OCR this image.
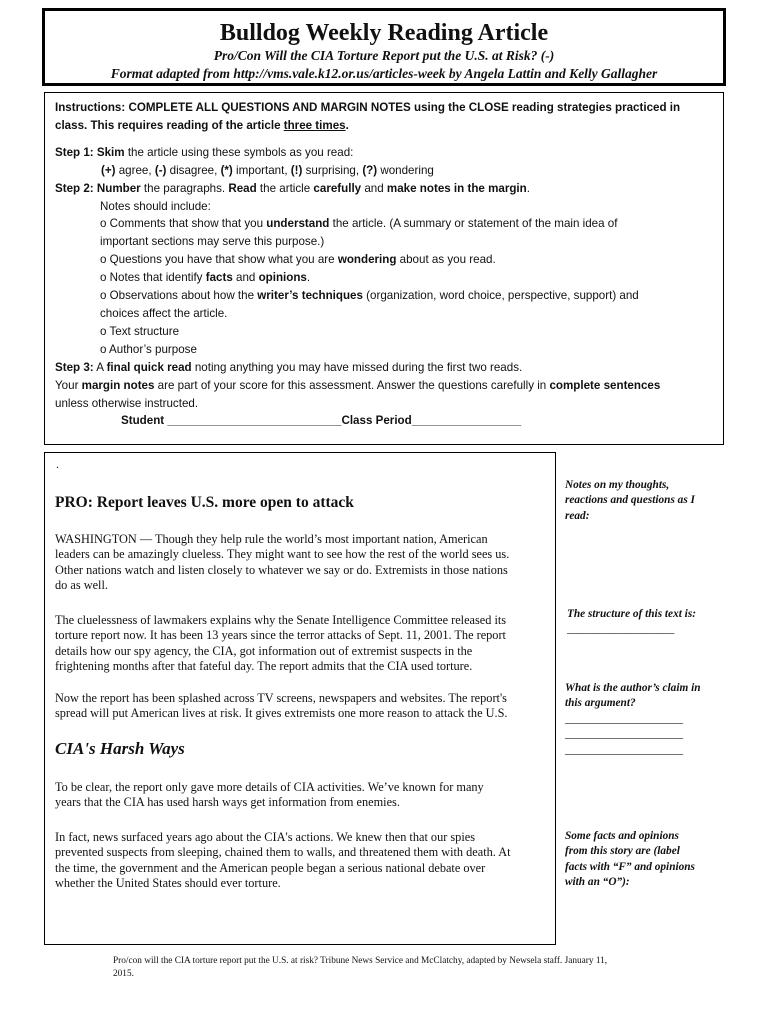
Bulldog Weekly Reading Article
Pro/Con Will the CIA Torture Report put the U.S. at Risk? (-)
Format adapted from http://vms.vale.k12.or.us/articles-week by Angela Lattin and Kelly Gallagher

Instructions: COMPLETE ALL QUESTIONS AND MARGIN NOTES using the CLOSE reading strategies practiced in

class. This requires reading of the article three times.

Step 1: Skim the article using these symbols as you read:

(+) agree, (-) disagree, (*) important, (!) surprising, (?) wondering

Step 2: Number the paragraphs. Read the article carefully and make notes in the margin.

Notes should include:

o Comments that show that you understand the article. (A summary or statement of the main idea of

important sections may serve this purpose.)

o Questions you have that show what you are wondering about as you read.

o Notes that identify facts and opinions.

o Observations about how the writer’s techniques (organization, word choice, perspective, support) and

choices affect the article.

o Text structure

o Author’s purpose

Step 3: A final quick read noting anything you may have missed during the first two reads.

Your margin notes are part of your score for this assessment. Answer the questions carefully in complete sentences

unless otherwise instructed.

Student ___________________________Class Period_________________

.
PRO: Report leaves U.S. more open to attack

WASHINGTON — Though they help rule the world’s most important nation, American
leaders can be amazingly clueless. They might want to see how the rest of the world sees us.
Other nations watch and listen closely to whatever we say or do. Extremists in those nations
do as well.

The cluelessness of lawmakers explains why the Senate Intelligence Committee released its
torture report now. It has been 13 years since the terror attacks of Sept. 11, 2001. The report
details how our spy agency, the CIA, got information out of extremist suspects in the
frightening months after that fateful day. The report admits that the CIA used torture.

Now the report has been splashed across TV screens, newspapers and websites. The report's
spread will put American lives at risk. It gives extremists one more reason to attack the U.S.

CIA's Harsh Ways

To be clear, the report only gave more details of CIA activities. We’ve known for many
years that the CIA has used harsh ways get information from enemies.

In fact, news surfaced years ago about the CIA's actions. We knew then that our spies
prevented suspects from sleeping, chained them to walls, and threatened them with death. At
the time, the government and the American people began a serious national debate over
whether the United States should ever torture.

Notes on my thoughts,
reactions and questions as I
read:
The structure of this text is:
____________________
What is the author’s claim in
this argument?
______________________
______________________
______________________
Some facts and opinions
from this story are (label
facts with “F” and opinions
with an “O”):
Pro/con will the CIA torture report put the U.S. at risk? Tribune News Service and McClatchy, adapted by Newsela staff. January 11,
2015.
